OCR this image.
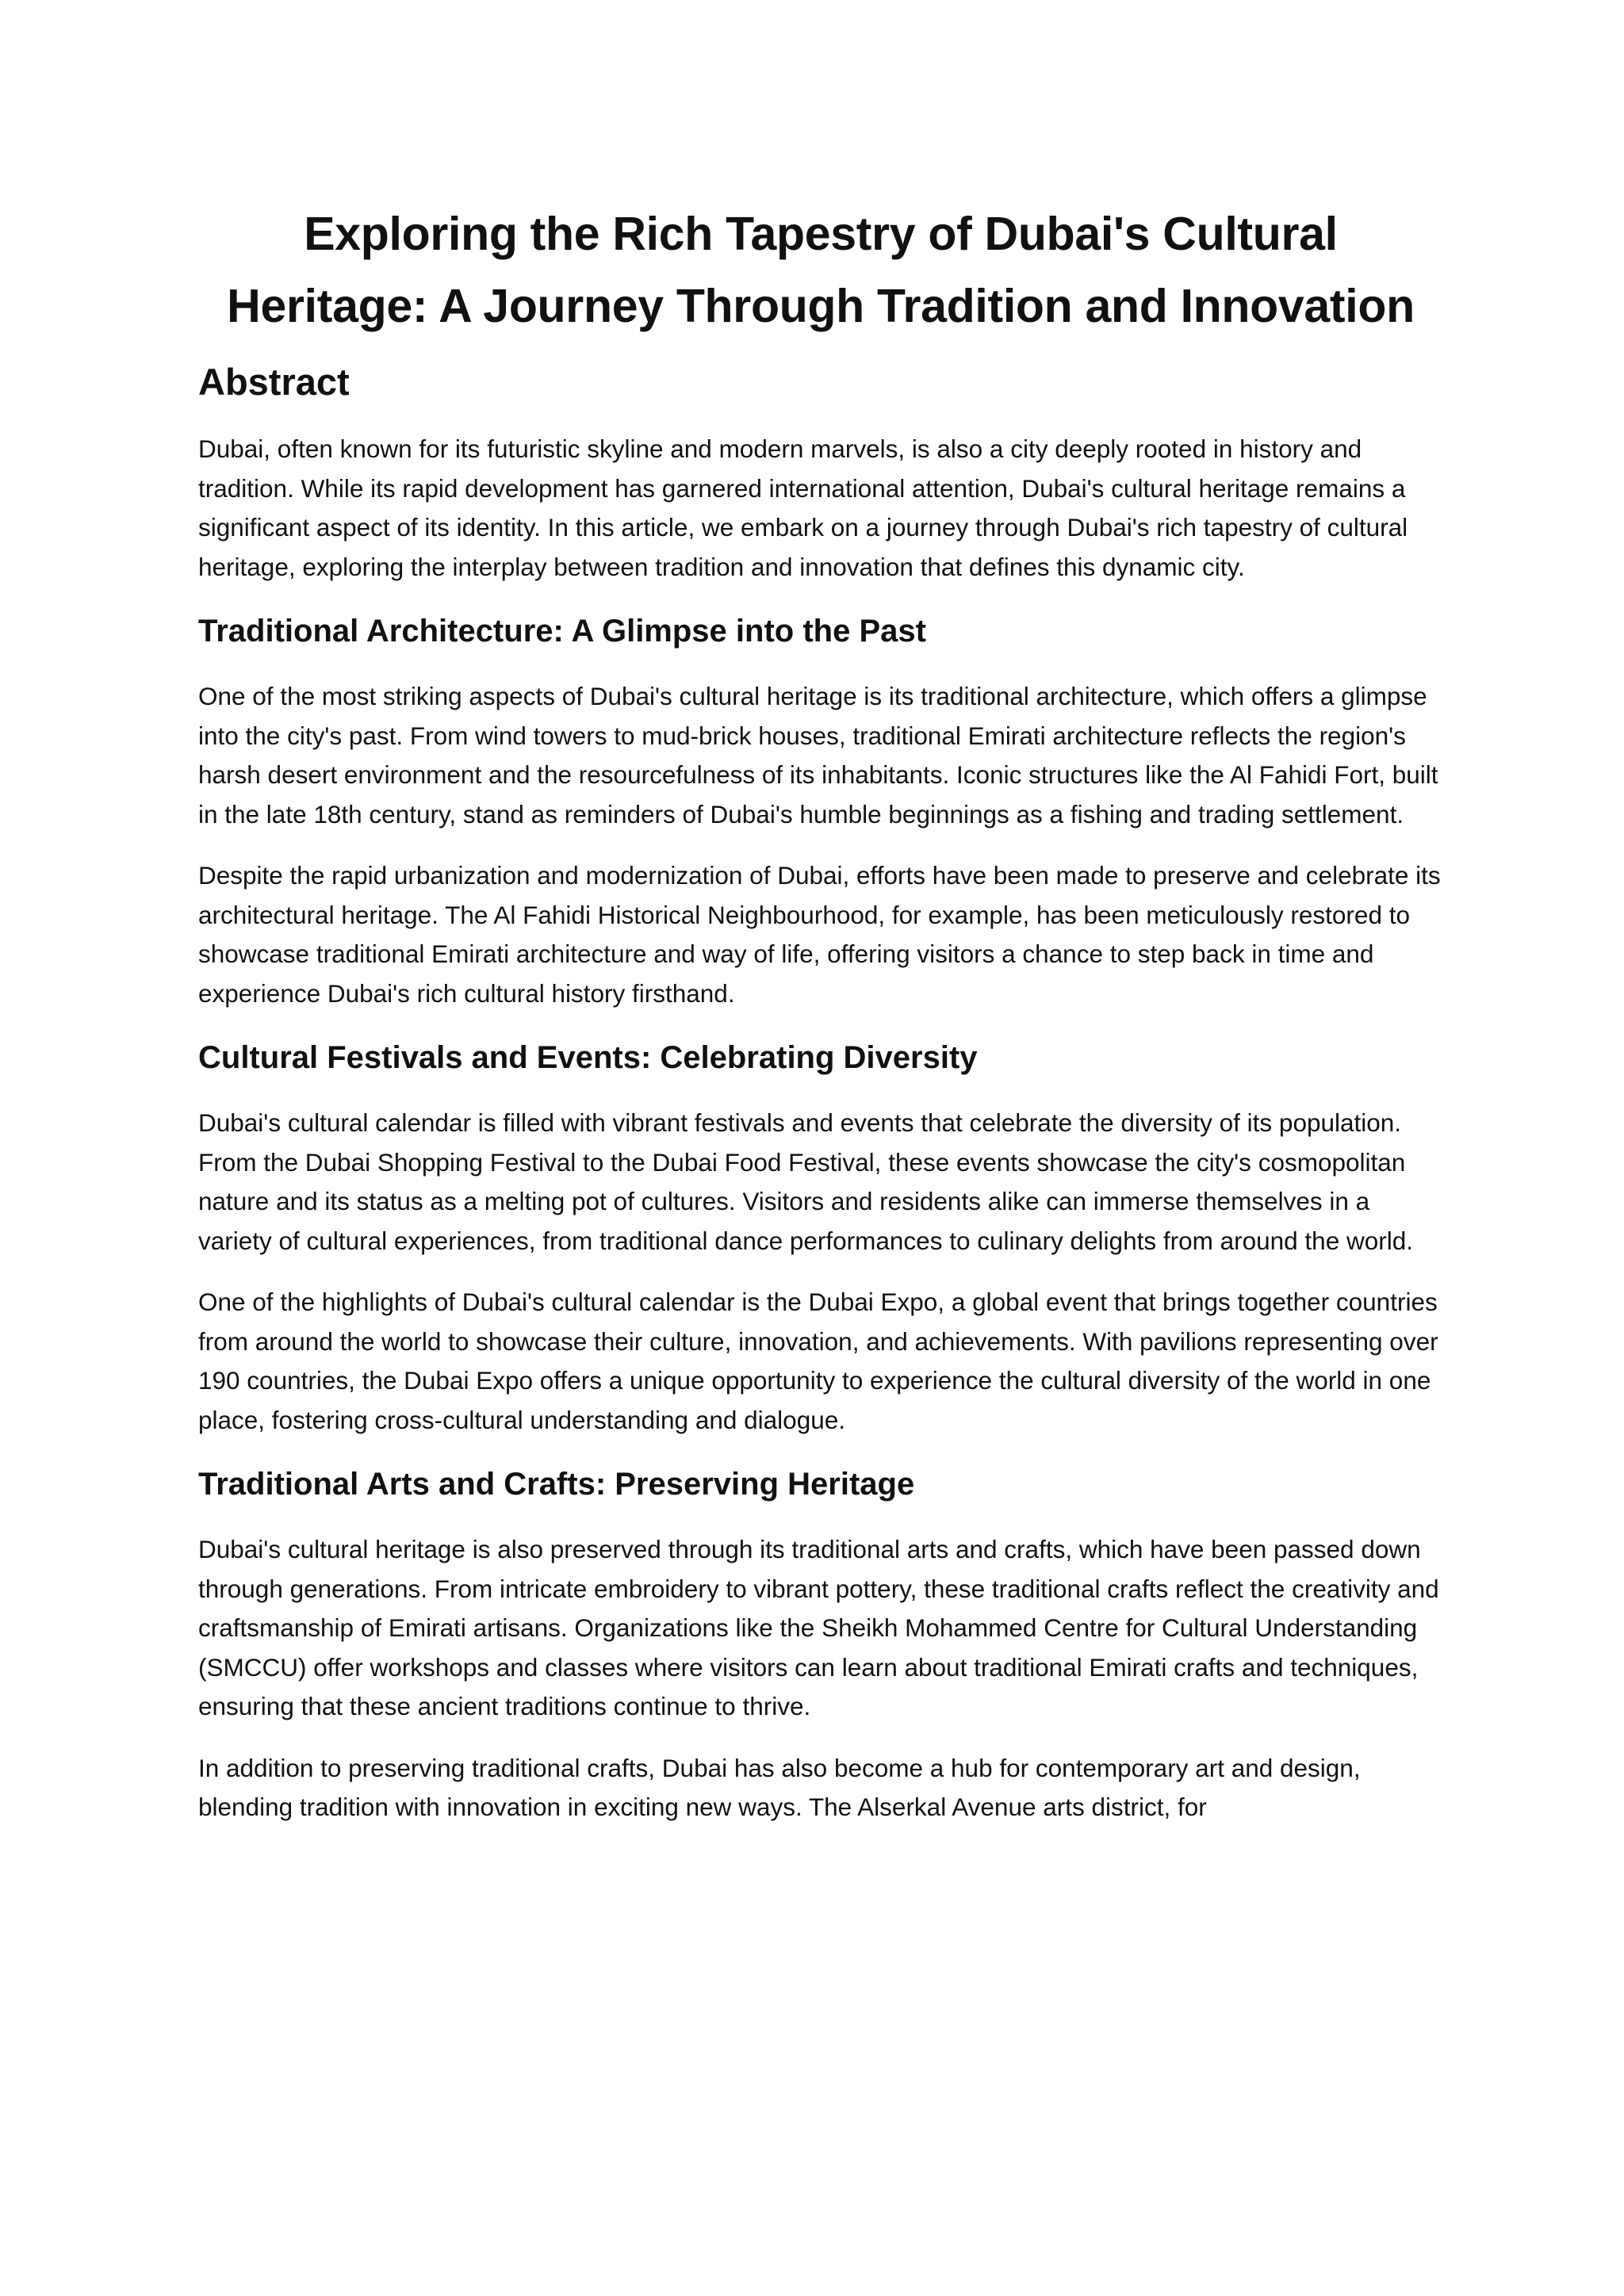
Exploring the Rich Tapestry of Dubai's Cultural Heritage: A Journey Through Tradition and Innovation
Abstract

Dubai, often known for its futuristic skyline and modern marvels, is also a city deeply rooted in history and tradition. While its rapid development has garnered international attention, Dubai's cultural heritage remains a significant aspect of its identity. In this article, we embark on a journey through Dubai's rich tapestry of cultural heritage, exploring the interplay between tradition and innovation that defines this dynamic city.

Traditional Architecture: A Glimpse into the Past

One of the most striking aspects of Dubai's cultural heritage is its traditional architecture, which offers a glimpse into the city's past. From wind towers to mud-brick houses, traditional Emirati architecture reflects the region's harsh desert environment and the resourcefulness of its inhabitants. Iconic structures like the Al Fahidi Fort, built in the late 18th century, stand as reminders of Dubai's humble beginnings as a fishing and trading settlement.

Despite the rapid urbanization and modernization of Dubai, efforts have been made to preserve and celebrate its architectural heritage. The Al Fahidi Historical Neighbourhood, for example, has been meticulously restored to showcase traditional Emirati architecture and way of life, offering visitors a chance to step back in time and experience Dubai's rich cultural history firsthand.

Cultural Festivals and Events: Celebrating Diversity

Dubai's cultural calendar is filled with vibrant festivals and events that celebrate the diversity of its population. From the Dubai Shopping Festival to the Dubai Food Festival, these events showcase the city's cosmopolitan nature and its status as a melting pot of cultures. Visitors and residents alike can immerse themselves in a variety of cultural experiences, from traditional dance performances to culinary delights from around the world.

One of the highlights of Dubai's cultural calendar is the Dubai Expo, a global event that brings together countries from around the world to showcase their culture, innovation, and achievements. With pavilions representing over 190 countries, the Dubai Expo offers a unique opportunity to experience the cultural diversity of the world in one place, fostering cross-cultural understanding and dialogue.

Traditional Arts and Crafts: Preserving Heritage

Dubai's cultural heritage is also preserved through its traditional arts and crafts, which have been passed down through generations. From intricate embroidery to vibrant pottery, these traditional crafts reflect the creativity and craftsmanship of Emirati artisans. Organizations like the Sheikh Mohammed Centre for Cultural Understanding (SMCCU) offer workshops and classes where visitors can learn about traditional Emirati crafts and techniques, ensuring that these ancient traditions continue to thrive.

In addition to preserving traditional crafts, Dubai has also become a hub for contemporary art and design, blending tradition with innovation in exciting new ways. The Alserkal Avenue arts district, for
